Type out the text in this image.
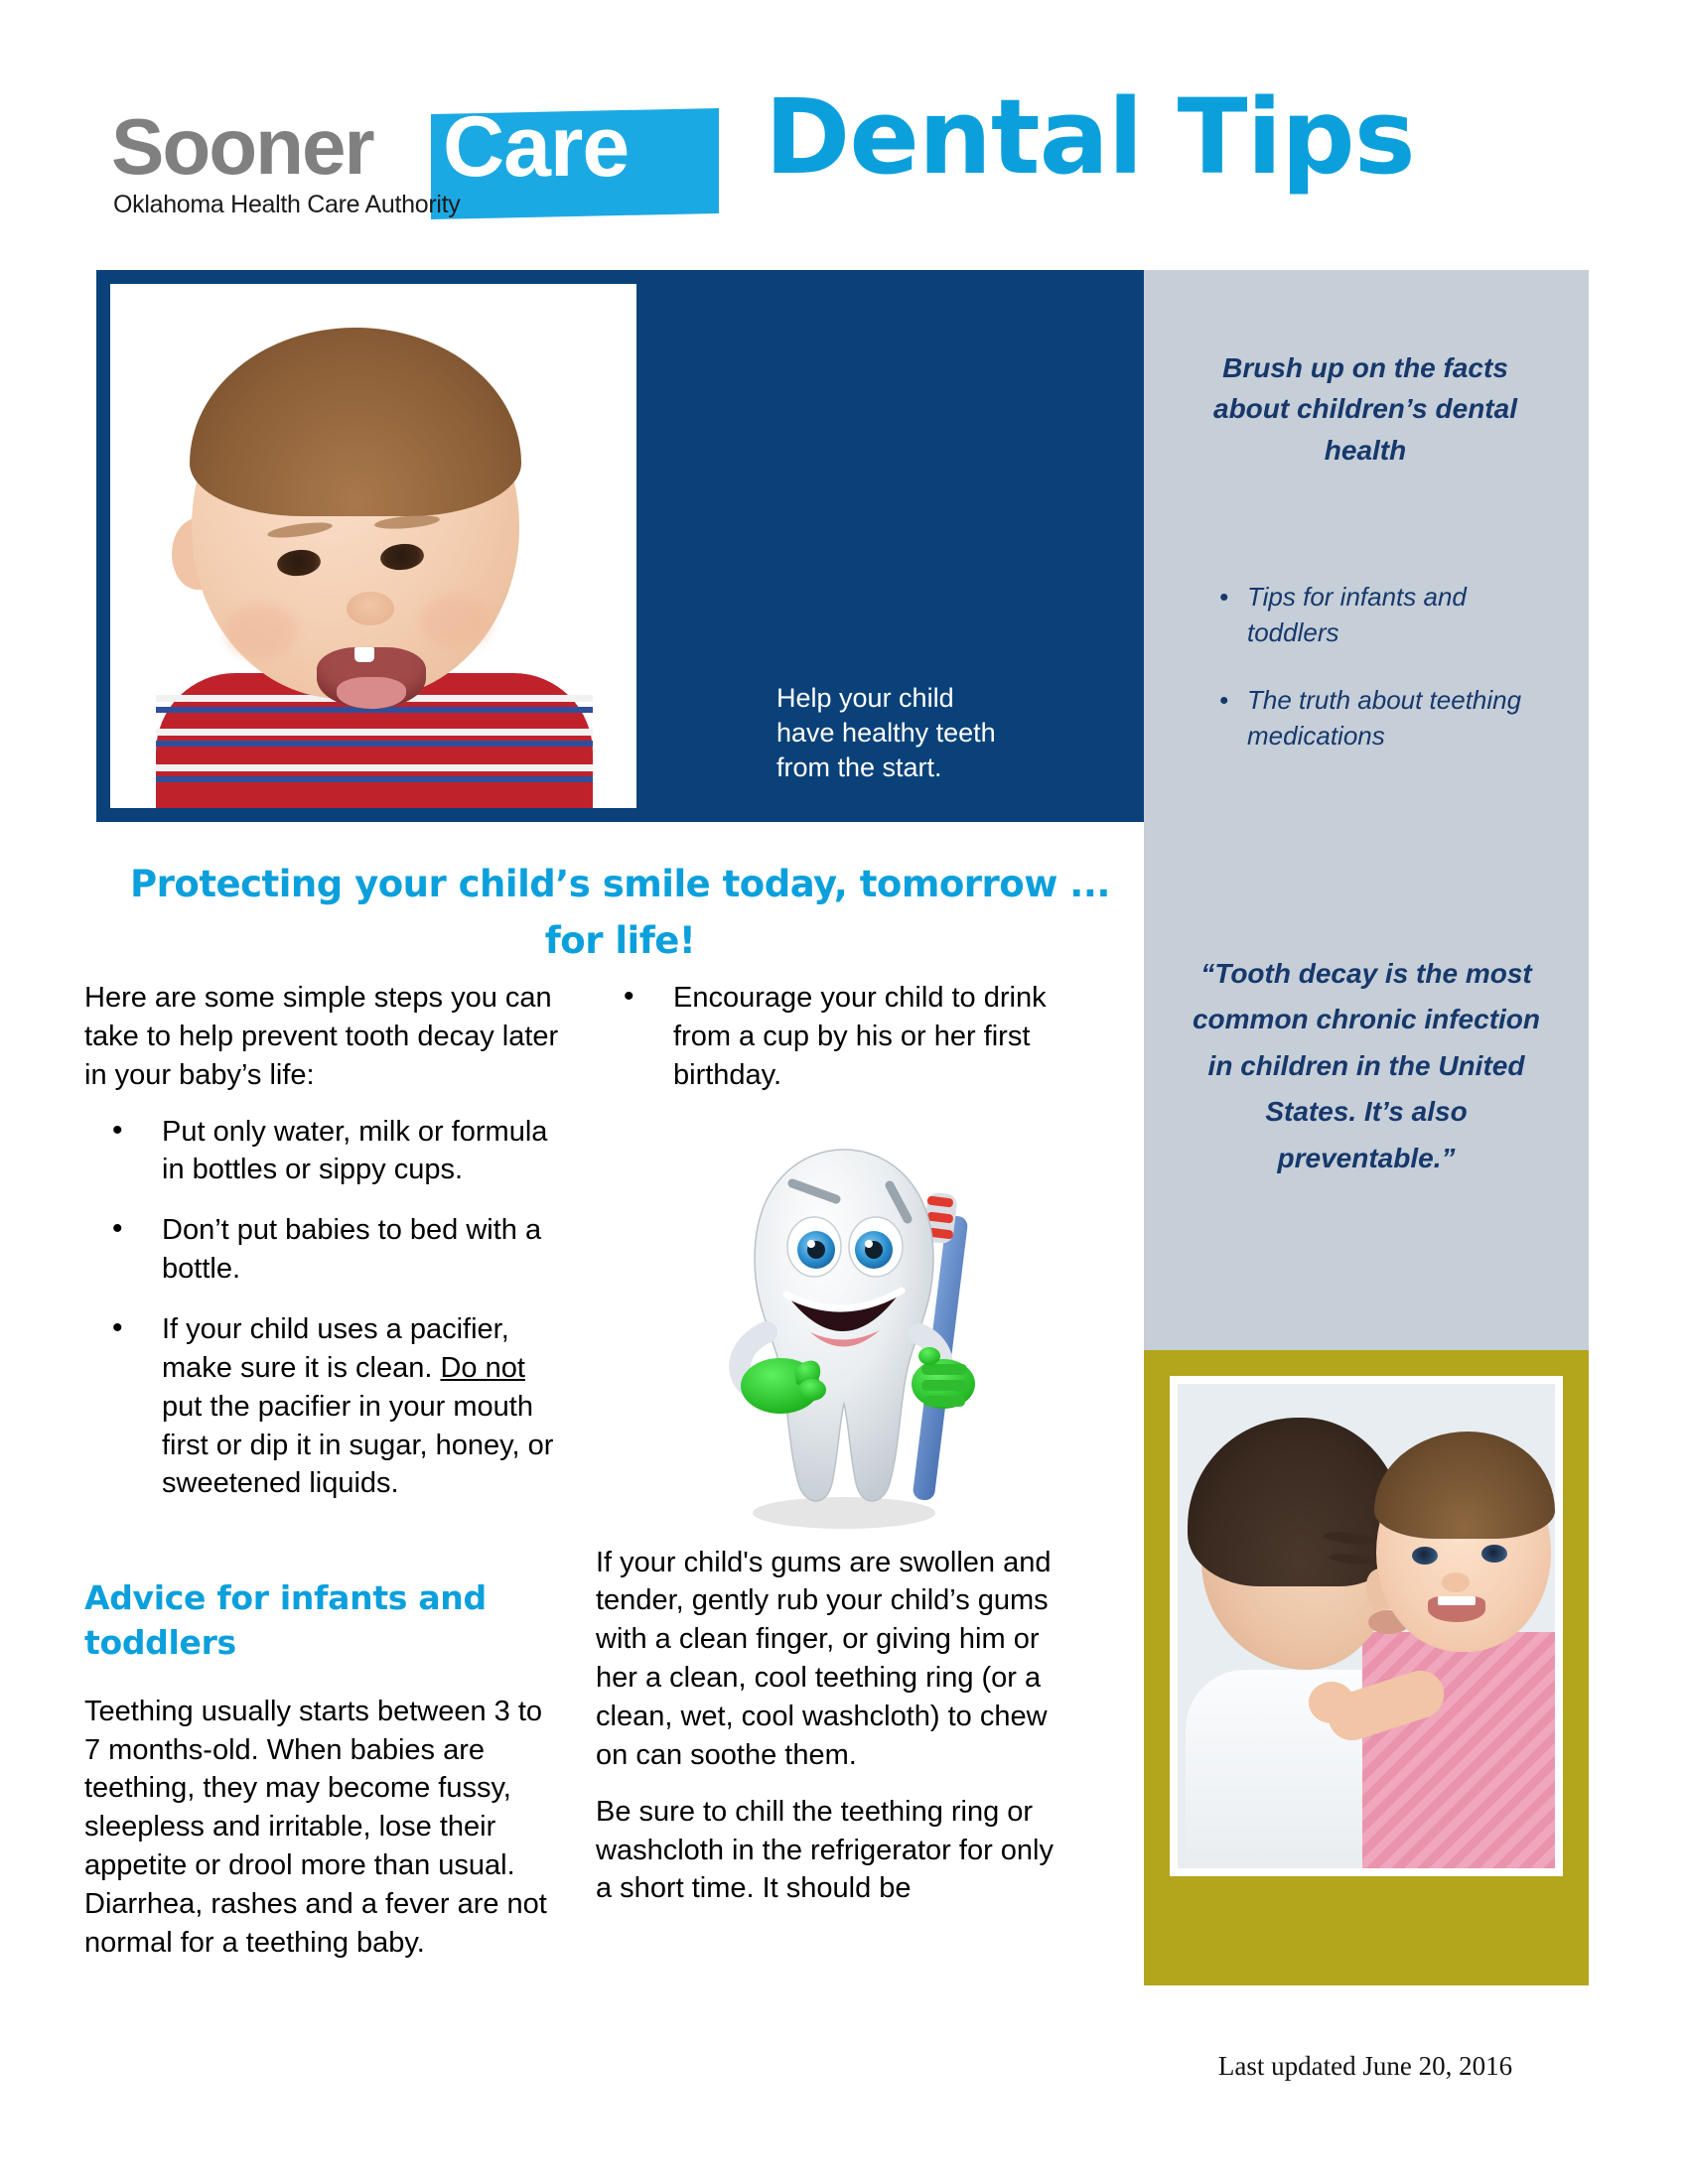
Sooner Care
Oklahoma Health Care Authority
Dental Tips
Help your child have healthy teeth from the start.
Brush up on the facts about children’s dental health
• Tips for infants and toddlers
• The truth about teething medications
“Tooth decay is the most common chronic infection in children in the United States. It’s also preventable.”
Protecting your child’s smile today, tomorrow ... for life!

Here are some simple steps you can take to help prevent tooth decay later in your baby’s life:

• Put only water, milk or formula in bottles or sippy cups.
• Don’t put babies to bed with a bottle.
• If your child uses a pacifier, make sure it is clean. Do not put the pacifier in your mouth first or dip it in sugar, honey, or sweetened liquids.
Advice for infants and toddlers

Teething usually starts between 3 to 7 months-old. When babies are teething, they may become fussy, sleepless and irritable, lose their appetite or drool more than usual. Diarrhea, rashes and a fever are not normal for a teething baby.

• Encourage your child to drink from a cup by his or her first birthday.

If your child's gums are swollen and tender, gently rub your child’s gums with a clean finger, or giving him or her a clean, cool teething ring (or a clean, wet, cool washcloth) to chew on can soothe them.

Be sure to chill the teething ring or washcloth in the refrigerator for only a short time. It should be

Last updated June 20, 2016
